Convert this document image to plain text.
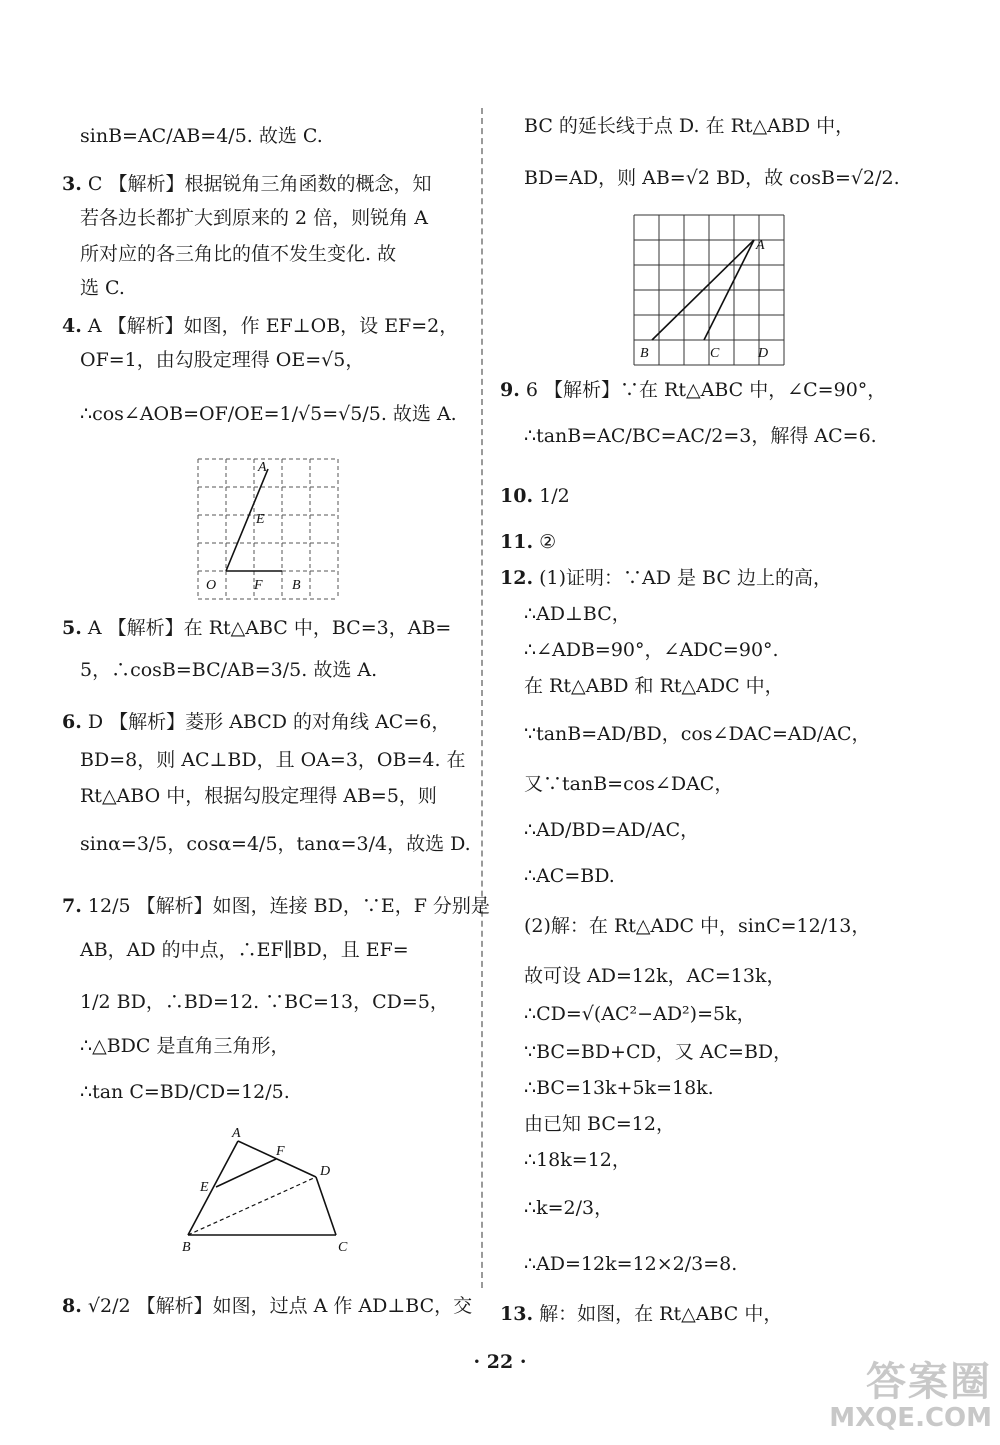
sinB=AC/AB=4/5. 故选 C.
3. C 【解析】根据锐角三角函数的概念，知
若各边长都扩大到原来的 2 倍，则锐角 A
所对应的各三角比的值不发生变化. 故
选 C.
4. A 【解析】如图，作 EF⊥OB，设 EF=2，
OF=1，由勾股定理得 OE=√5，
∴cos∠AOB=OF/OE=1/√5=√5/5. 故选 A.
A
E
O	F B
5. A 【解析】在 Rt△ABC 中，BC=3，AB=
5，∴cosB=BC/AB=3/5. 故选 A.
6. D 【解析】菱形 ABCD 的对角线 AC=6，
BD=8，则 AC⊥BD，且 OA=3，OB=4. 在
Rt△ABO 中，根据勾股定理得 AB=5，则
sinα=3/5，cosα=4/5，tanα=3/4，故选 D.
7. 12/5 【解析】如图，连接 BD，∵E，F 分别是
AB，AD 的中点，∴EF∥BD，且 EF=
1/2 BD，∴BD=12. ∵BC=13，CD=5，
∴△BDC 是直角三角形，
∴tan C=BD/CD=12/5.
A
F
D
E
B	C
8. √2/2 【解析】如图，过点 A 作 AD⊥BC，交
BC 的延长线于点 D. 在 Rt△ABD 中，
BD=AD，则 AB=√2 BD，故 cosB=√2/2.
A
B	C	D
9. 6 【解析】∵在 Rt△ABC 中，∠C=90°，
∴tanB=AC/BC=AC/2=3，解得 AC=6.
10. 1/2
11. ②
12. (1)证明：∵AD 是 BC 边上的高，
∴AD⊥BC，
∴∠ADB=90°，∠ADC=90°.
在 Rt△ABD 和 Rt△ADC 中，
∵tanB=AD/BD，cos∠DAC=AD/AC，
又∵tanB=cos∠DAC，
∴AD/BD=AD/AC，
∴AC=BD.
(2)解：在 Rt△ADC 中，sinC=12/13，
故可设 AD=12k，AC=13k，
∴CD=√(AC²−AD²)=5k，
∵BC=BD+CD，又 AC=BD，
∴BC=13k+5k=18k.
由已知 BC=12，
∴18k=12，
∴k=2/3，
∴AD=12k=12×2/3=8.
13. 解：如图，在 Rt△ABC 中，
· 22 ·	答案圈
MXQE.COM
